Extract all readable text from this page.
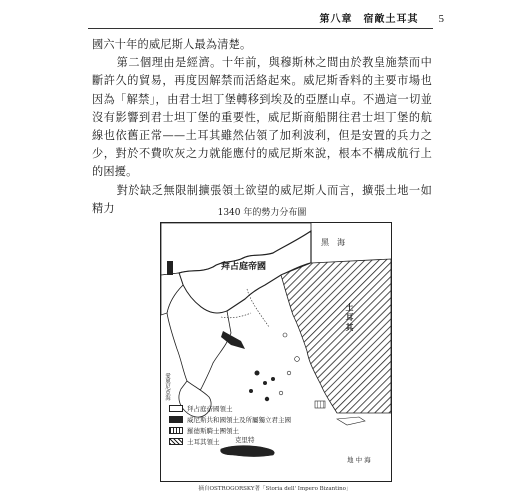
第八章　宿敵土耳其 5

國六十年的威尼斯人最為清楚。

第二個理由是經濟。十年前，與穆斯林之間由於教皇施禁而中斷許久的貿易，再度因解禁而活絡起來。威尼斯香料的主要市場也因為「解禁」，由君士坦丁堡轉移到埃及的亞歷山卓。不過這一切並沒有影響到君士坦丁堡的重要性，威尼斯商船開往君士坦丁堡的航線也依舊正常——土耳其雖然佔領了加利波利，但是安置的兵力之少，對於不費吹灰之力就能應付的威尼斯來說，根本不構成航行上的困擾。

對於缺乏無限制擴張領土欲望的威尼斯人而言，擴張土地一如精力	1340 年的勢力分布圖
黑　海
拜占庭帝國
土耳其
克里特
地 中 海
愛奧尼亞海
拜占庭帝國領土
威尼斯共和國領土及所屬獨立君主國
羅德斯騎士團領土
土耳其領土
摘自OSTROGORSKY著「Storia dell' Impero Bizantino」
